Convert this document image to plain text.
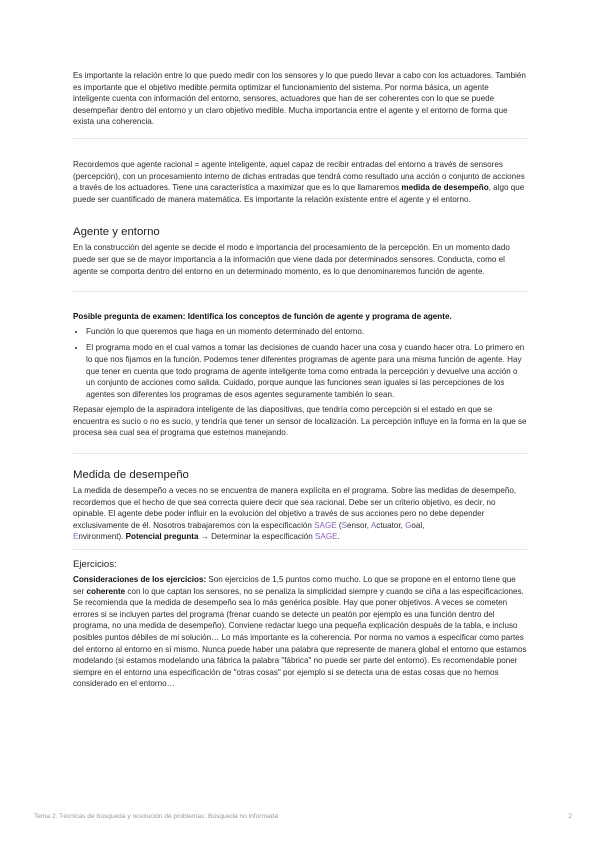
Es importante la relación entre lo que puedo medir con los sensores y lo que puedo llevar a cabo con los actuadores. También es importante que el objetivo medible permita optimizar el funcionamiento del sistema. Por norma básica, un agente inteligente cuenta con información del entorno, sensores, actuadores que han de ser coherentes con lo que se puede desempeñar dentro del entorno y un claro objetivo medible. Mucha importancia entre el agente y el entorno de forma que exista una coherencia.

Recordemos que agente racional = agente inteligente, aquel capaz de recibir entradas del entorno a través de sensores (percepción), con un procesamiento interno de dichas entradas que tendrá como resultado una acción o conjunto de acciones a través de los actuadores. Tiene una característica a maximizar que es lo que llamaremos medida de desempeño, algo que puede ser cuantificado de manera matemática. Es importante la relación existente entre el agente y el entorno.

Agente y entorno

En la construcción del agente se decide el modo e importancia del procesamiento de la percepción. En un momento dado puede ser que se de mayor importancia a la información que viene dada por determinados sensores. Conducta, como el agente se comporta dentro del entorno en un determinado momento, es lo que denominaremos función de agente.

Posible pregunta de examen: Identifica los conceptos de función de agente y programa de agente.

• Función lo que queremos que haga en un momento determinado del entorno.
• El programa modo en el cual vamos a tomar las decisiones de cuando hacer una cosa y cuando hacer otra. Lo primero en lo que nos fijamos en la función. Podemos tener diferentes programas de agente para una misma función de agente. Hay que tener en cuenta que todo programa de agente inteligente toma como entrada la percepción y devuelve una acción o un conjunto de acciones como salida. Cuidado, porque aunque las funciones sean iguales si las percepciones de los agentes son diferentes los programas de esos agentes seguramente también lo sean.

Repasar ejemplo de la aspiradora inteligente de las diapositivas, que tendría como percepción si el estado en que se encuentra es sucio o no es sucio, y tendría que tener un sensor de localización. La percepción influye en la forma en la que se procesa sea cual sea el programa que estemos manejando.

Medida de desempeño

La medida de desempeño a veces no se encuentra de manera explícita en el programa. Sobre las medidas de desempeño, recordemos que el hecho de que sea correcta quiere decir que sea racional. Debe ser un criterio objetivo, es decir, no opinable. El agente debe poder influir en la evolución del objetivo a través de sus acciones pero no debe depender exclusivamente de él. Nosotros trabajaremos con la especificación SAGE (Sensor, Actuator, Goal,
Environment). Potencial pregunta → Determinar la especificación SAGE.

Ejercicios:

Consideraciones de los ejercicios: Son ejercicios de 1,5 puntos como mucho. Lo que se propone en el entorno tiene que ser coherente con lo que captan los sensores, no se penaliza la simplicidad siempre y cuando se ciña a las especificaciones. Se recomienda que la medida de desempeño sea lo más genérica posible. Hay que poner objetivos. A veces se cometen errores si se incluyen partes del programa (frenar cuando se detecte un peatón por ejemplo es una función dentro del programa, no una medida de desempeño). Conviene redactar luego una pequeña explicación después de la tabla, e incluso posibles puntos débiles de mi solución… Lo más importante es la coherencia. Por norma no vamos a especificar como partes del entorno al entorno en sí mismo. Nunca puede haber una palabra que represente de manera global el entorno que estamos modelando (si estamos modelando una fábrica la palabra "fábrica" no puede ser parte del entorno). Es recomendable poner siempre en el entorno una especificación de "otras cosas" por ejemplo si se detecta una de estas cosas que no hemos considerado en el entorno…

Tema 2. Técnicas de búsqueda y resolución de problemas: Búsqueda no informada	2
